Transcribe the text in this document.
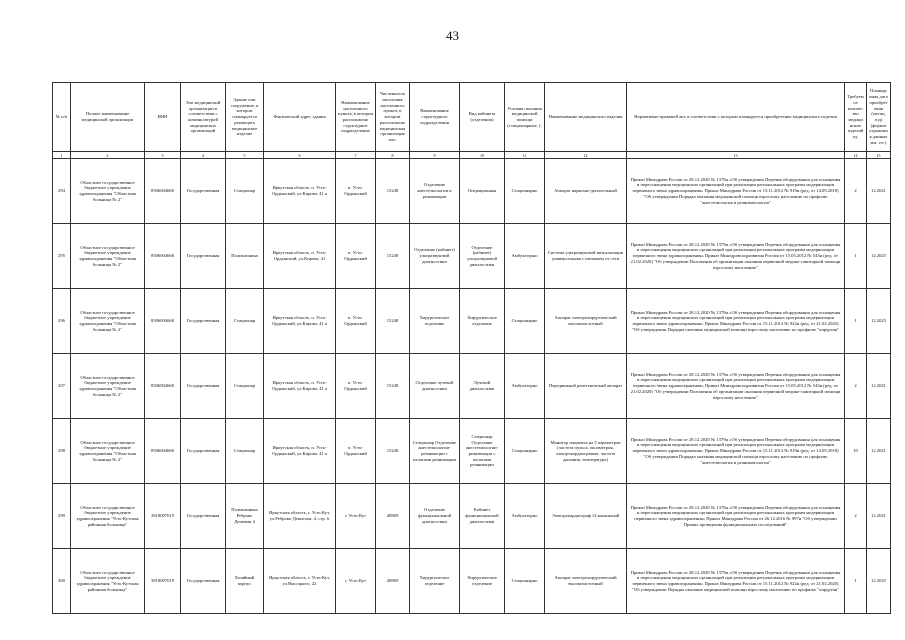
43
№ п/п	Полное наименование медицинской организации	ИНН	Тип медицинской организации в соответствии с номенклатурой медицинских организаций	Здание или сооружение, в котором планируется размещать медицинское изделие	Фактический адрес здания	Наименование населенного пункта, в котором расположено структурное подразделение	Численность населения населенного пункта, в котором расположено медицинская организация тыс.	Наименование структурного подразделения	Вид кабинета (отделения)	Условия оказания медицинской помощи (стационарные, ).	Наименование медицинского изделия	Нормативно-правовой акт, в соответствии с которым планируется приобретение медицинского изделия	Требуемое количество медицинских изделий ед.	Планируемая дата приобретения (месяц, год) (формат отражения данных мм. ггг.)
1	2	3	4	5	6	7	8	9	10	11	12	13	14	15
294	Областное государственное бюджетное учреждение здравоохранения "Областная больница № 2"	8506004660	Государственная	Стационар	Иркутская область, п. Усть-Ордынский, ул.Кирова, 41 а	п. Усть-Ордынский	15248	Отделение анестезиологии и реанимации	Операционная	Стационарно	Аппарат наркозно-дыхательный	Приказ Минздрава России от 28.12.2020 № 1379н «Об утверждении Перечня оборудования для оснащения и переоснащения медицинских организаций при реализации региональных программ модернизации первичного звена здравоохранения» Приказ Минздрава России от 15.11.2012 № 919н (ред. от 14.09.2018) "Об утверждении Порядка оказания медицинской помощи взрослому населению по профилю "анестезиология и реаниматология"	2	12.2021
295	Областное государственное бюджетное учреждение здравоохранения "Областная больница № 2"	8506004660	Государственная	Поликлиника	Иркутская область, п. Усть-Ордынский, ул.Кирова, 41	п. Усть-Ордынский	15248	Отделение (кабинет) ультразвуковой диагностики	Отделение (кабинет) ультразвуковой диагностики	Амбулаторно	Система ультразвуковой визуализации универсальная с питанием от сети	Приказ Минздрава России от 28.12.2020 № 1379н «Об утверждении Перечня оборудования для оснащения и переоснащения медицинских организаций при реализации региональных программ модернизации первичного звена здравоохранения» Приказ Минздравсоцразвития России от 15.05.2012 № 543н (ред. от 21.02.2020) "Об утверждении Положения об организации оказания первичной медико-санитарной помощи взрослому населению"	1	12.2025
296	Областное государственное бюджетное учреждение здравоохранения "Областная больница № 2"	8506004660	Государственная	Стационар	Иркутская область, п. Усть-Ордынский, ул.Кирова, 41 а	п. Усть-Ордынский	15248	Хирургическое отделение	Хирургическое отделение	Стационарно	Аппарат электрохирургический высокочастотный	Приказ Минздрава России от 28.12.2020 № 1379н «Об утверждении Перечня оборудования для оснащения и переоснащения медицинских организаций при реализации региональных программ модернизации первичного звена здравоохранения» Приказ Минздрава России от 15.11.2012 № 922н (ред. от 21.02.2020) "Об утверждении Порядка оказания медицинской помощи взрослому населению по профилю "хирургия"	1	12.2025
297	Областное государственное бюджетное учреждение здравоохранения "Областная больница № 2"	8506004660	Государственная	Стационар	Иркутская область, п. Усть-Ордынский, ул.Кирова, 41 а	п. Усть-Ордынский	15248	Отделение лучевой диагностики	Лучевой диагностики	Амбулаторно	Передвижной рентгеновский аппарат	Приказ Минздрава России от 28.12.2020 № 1379н «Об утверждении Перечня оборудования для оснащения и переоснащения медицинских организаций при реализации региональных программ модернизации первичного звена здравоохранения» Приказ Минздравсоцразвития России от 15.05.2012 № 543н (ред. от 21.02.2020) "Об утверждении Положения об организации оказания первичной медико-санитарной помощи взрослому населению"	2	12.2021
298	Областное государственное бюджетное учреждение здравоохранения "Областная больница № 2"	8506004660	Государственная	Стационар	Иркутская область, п. Усть-Ордынский, ул.Кирова, 41 а	п. Усть-Ордынский	15248	Стационар Отделение анестезиологии-реанимации с палатами реанимации	Стационар Отделение анестезиологии-реанимации с палатами реанимации	Стационарно	Монитор пациента на 5 параметров (частота пульса, оксиметрия, электрокардиограмма, частота дыхания, температура)	Приказ Минздрава России от 28.12.2020 № 1379н «Об утверждении Перечня оборудования для оснащения и переоснащения медицинских организаций при реализации региональных программ модернизации первичного звена здравоохранения» Приказ Минздрава России от 15.11.2012 № 919н (ред. от 14.09.2018) "Об утверждении Порядка оказания медицинской помощи взрослому населению по профилю "анестезиология и реаниматология"	10	12.2021
299	Областное государственное бюджетное учреждение здравоохранения "Усть-Кутская районная больница"	3818007019	Государственная	Поликлиника Реброво Дешевая 4	Иркутская область, г. Усть-Кут, ул.Реброво-Денисова, 4, стр. 6	г. Усть-Кут	40869	Отделение функциональной диагностики	Кабинет функциональной диагностики	Амбулаторно	Электрокардиограф 12-канальный	Приказ Минздрава России от 28.12.2020 № 1379н «Об утверждении Перечня оборудования для оснащения и переоснащения медицинских организаций при реализации региональных программ модернизации первичного звена здравоохранения» Приказ Минздрава России от 26.12.2016 № 997н "Об утверждении Правил проведения функциональных исследований"	2	12.2021
300	Областное государственное бюджетное учреждение здравоохранения "Усть-Кутская районная больница"	3818007019	Государственная	Хозяйный корпус	Иркутская область, г. Усть-Кут, ул.Высоцкого, 22	г. Усть-Кут	40869	Хирургическое отделение	Хирургическое отделение	Стационарно	Аппарат электрохирургический высокочастотный	Приказ Минздрава России от 28.12.2020 № 1379н «Об утверждении Перечня оборудования для оснащения и переоснащения медицинских организаций при реализации региональных программ модернизации первичного звена здравоохранения» Приказ Минздрава России от 15.11.2012 № 922н (ред. от 21.02.2020) "Об утверждении Порядка оказания медицинской помощи взрослому населению по профилю "хирургия"	1	12.2025
